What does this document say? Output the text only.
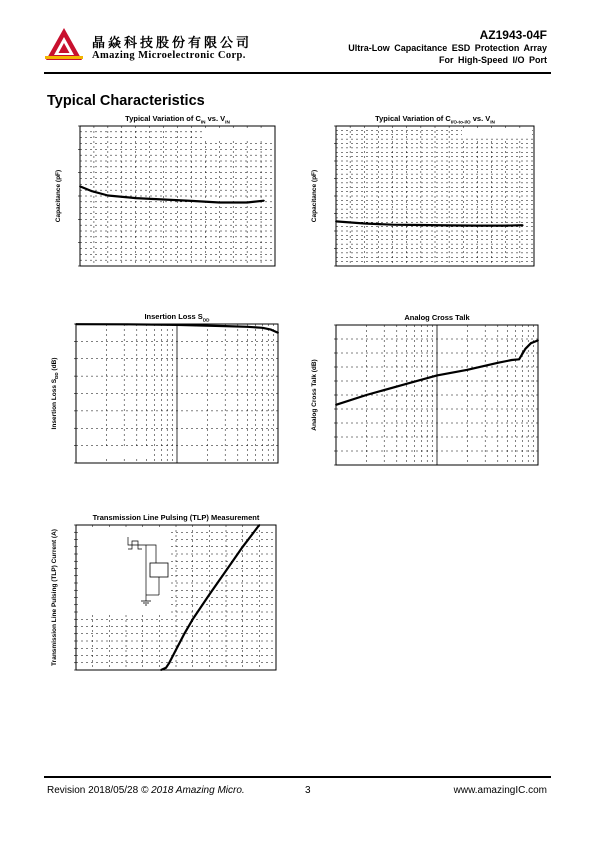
晶焱科技股份有限公司
Amazing Microelectronic Corp.
AZ1943-04F
Ultra-Low Capacitance ESD Protection Array
For High-Speed I/O Port
Typical Characteristics
Capacitance (pF)
Typical Variation of $C_{IN}$ vs. $V_{IN}$
Capacitance (pF)
Typical Variation of $C_{I/O-to-I/O}$ vs. $V_{IN}$
Insertion Loss $S_{DD}$ (dB)
Insertion Loss $S_{DD}$
Analog Cross Talk (dB)
Analog Cross Talk
Transmission Line Pulsing (TLP) Current (A)
Transmission Line Pulsing (TLP) Measurement
Revision 2018/05/28 © 2018 Amazing Micro.	3	www.amazingIC.com
